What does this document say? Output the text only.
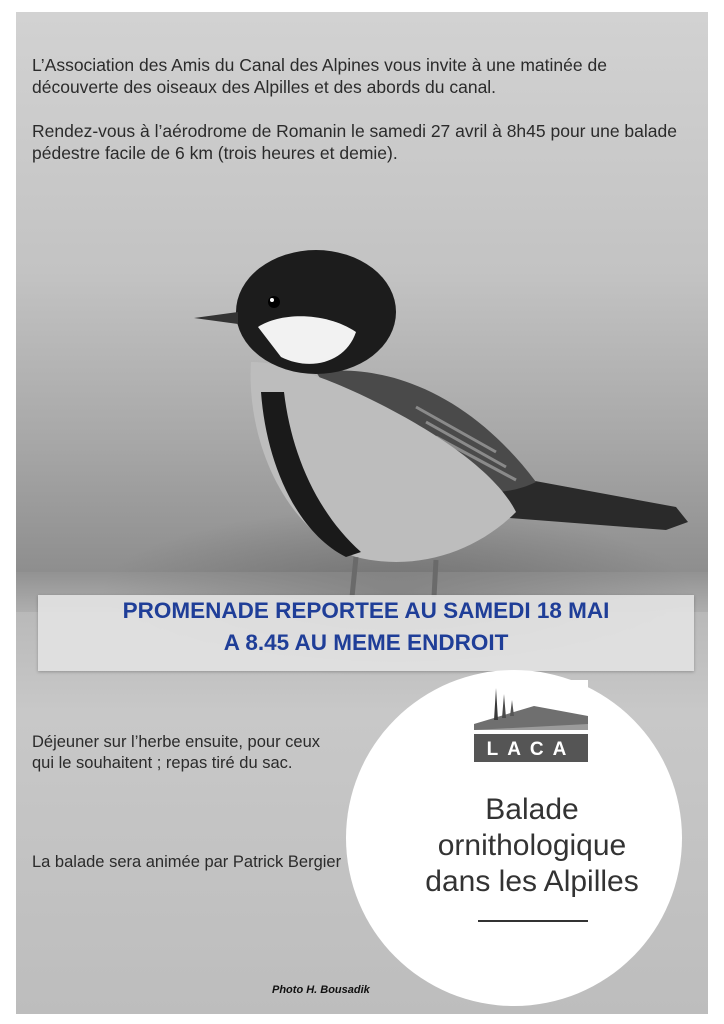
L’Association des Amis du Canal des Alpines vous invite à une matinée de découverte des oiseaux des Alpilles et des abords du canal.

Rendez-vous à l’aérodrome de Romanin le samedi 27 avril à 8h45 pour une balade pédestre facile de 6 km (trois heures et demie).

PROMENADE REPORTEE AU SAMEDI 18 MAI
A 8.45 AU MEME ENDROIT
LACA
Balade
ornithologique
dans les Alpilles

Déjeuner sur l’herbe ensuite, pour ceux qui le souhaitent ; repas tiré du sac.

La balade sera animée par Patrick Bergier

Photo H. Bousadik
